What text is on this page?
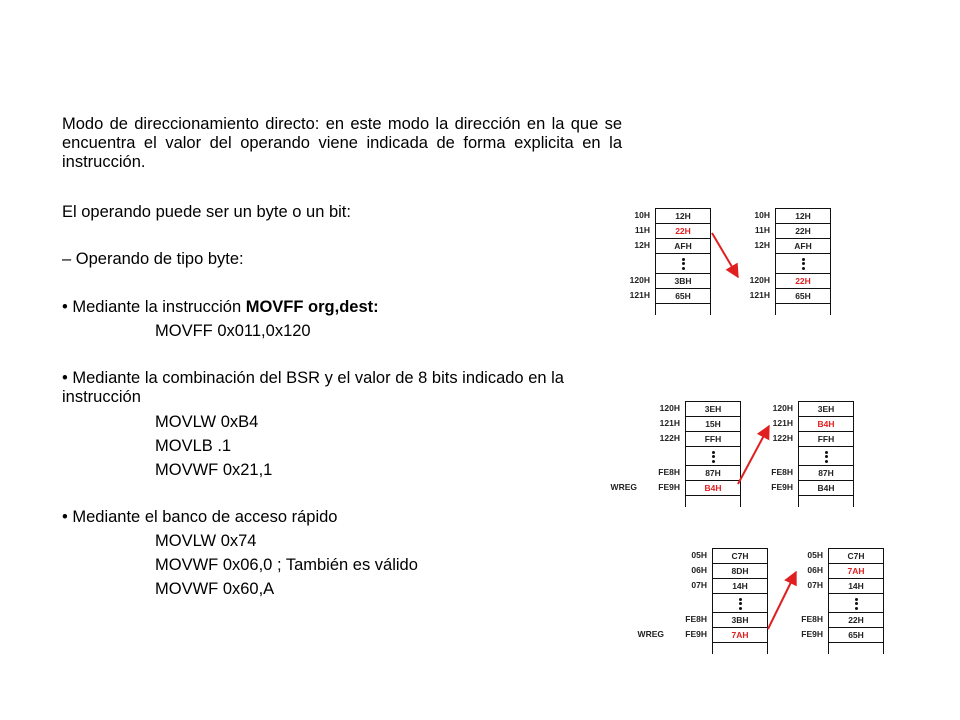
Modo de direccionamiento directo: en este modo la dirección en la que se encuentra el valor del operando viene indicada de forma explicita en la instrucción.
El operando puede ser un byte o un bit:
– Operando de tipo byte:
• Mediante la instrucción MOVFF org,dest:
MOVFF 0x011,0x120
• Mediante la combinación del BSR y el valor de 8 bits indicado en la
instrucción
MOVLW 0xB4
MOVLB .1
MOVWF 0x21,1
• Mediante el banco de acceso rápido
MOVLW 0x74
MOVWF 0x06,0 ; También es válido
MOVWF 0x60,A
10H	12H
11H	22H
12H	AFH
120H	3BH
121H	65H
10H	12H
11H	22H
12H	AFH
120H	22H
121H	65H
120H	3EH
121H	15H
122H	FFH
FE8H	87H
FE9H	B4H
WREG
120H	3EH
121H	B4H
122H	FFH
FE8H	87H
FE9H	B4H
05H	C7H
06H	8DH
07H	14H
FE8H	3BH
FE9H	7AH
WREG
05H	C7H
06H	7AH
07H	14H
FE8H	22H
FE9H	65H
